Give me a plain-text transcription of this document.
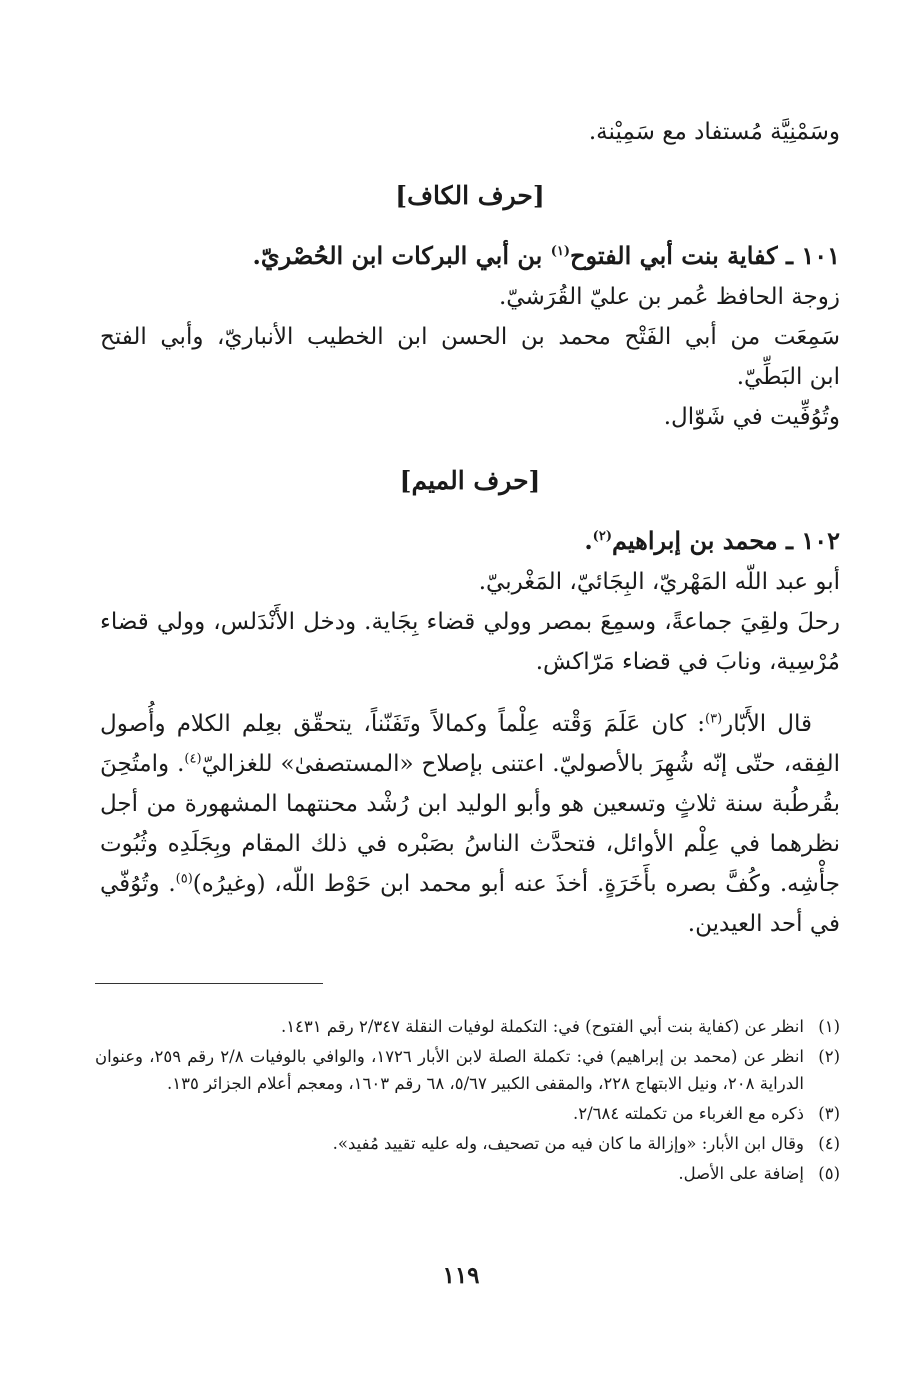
وسَمْنِيَّة مُستفاد مع سَمِيْنة.

[حرف الكاف]

١٠١ ـ كفاية بنت أبي الفتوح$^{(١)}$ بن أبي البركات ابن الحُصْريّ.

زوجة الحافظ عُمر بن عليّ القُرَشيّ.

سَمِعَت من أبي الفَتْح محمد بن الحسن ابن الخطيب الأنباريّ، وأبي الفتح

ابن البَطِّيّ.

وتُوُفِّيت في شَوّال.

[حرف الميم]

١٠٢ ـ محمد بن إبراهيم$^{(٢)}$.

أبو عبد اللّه المَهْريّ، البِجَائيّ، المَغْربيّ.

رحلَ ولقِيَ جماعةً، وسمِعَ بمصر وولي قضاء بِجَاية. ودخل الأَنْدَلس، وولي قضاء مُرْسِية، ونابَ في قضاء مَرّاكش.

قال الأَبّار$^{(٣)}$: كان عَلَمَ وَقْته عِلْماً وكمالاً وتَفَنّناً، يتحقّق بعِلم الكلام وأُصول الفِقه، حتّى إنّه شُهِرَ بالأصوليّ. اعتنى بإصلاح «المستصفىٰ» للغزاليّ$^{(٤)}$. وامتُحِنَ بقُرطُبة سنة ثلاثٍ وتسعين هو وأبو الوليد ابن رُشْد محنتهما المشهورة من أجل نظرهما في عِلْم الأوائل، فتحدَّث الناسُ بصَبْره في ذلك المقام وبِجَلَدِه وثُبُوت جأْشِه. وكُفَّ بصره بأَخَرَةٍ. أخذَ عنه أبو محمد ابن حَوْط اللّه، (وغيرُه)$^{(٥)}$. وتُوُفّي في أحد العيدين.

(١)
انظر عن (كفاية بنت أبي الفتوح) في: التكملة لوفيات النقلة ٢/٣٤٧ رقم ١٤٣١.
(٢)
انظر عن (محمد بن إبراهيم) في: تكملة الصلة لابن الأبار ١٧٢٦، والوافي بالوفيات ٢/٨ رقم ٢٥٩، وعنوان الدراية ٢٠٨، ونيل الابتهاج ٢٢٨، والمقفى الكبير ٥/٦٧، ٦٨ رقم ١٦٠٣، ومعجم أعلام الجزائر ١٣٥.
(٣)
ذكره مع الغرباء من تكملته ٢/٦٨٤.
(٤)
وقال ابن الأبار: «وإزالة ما كان فيه من تصحيف، وله عليه تقييد مُفيد».
(٥)
إضافة على الأصل.
١١٩
